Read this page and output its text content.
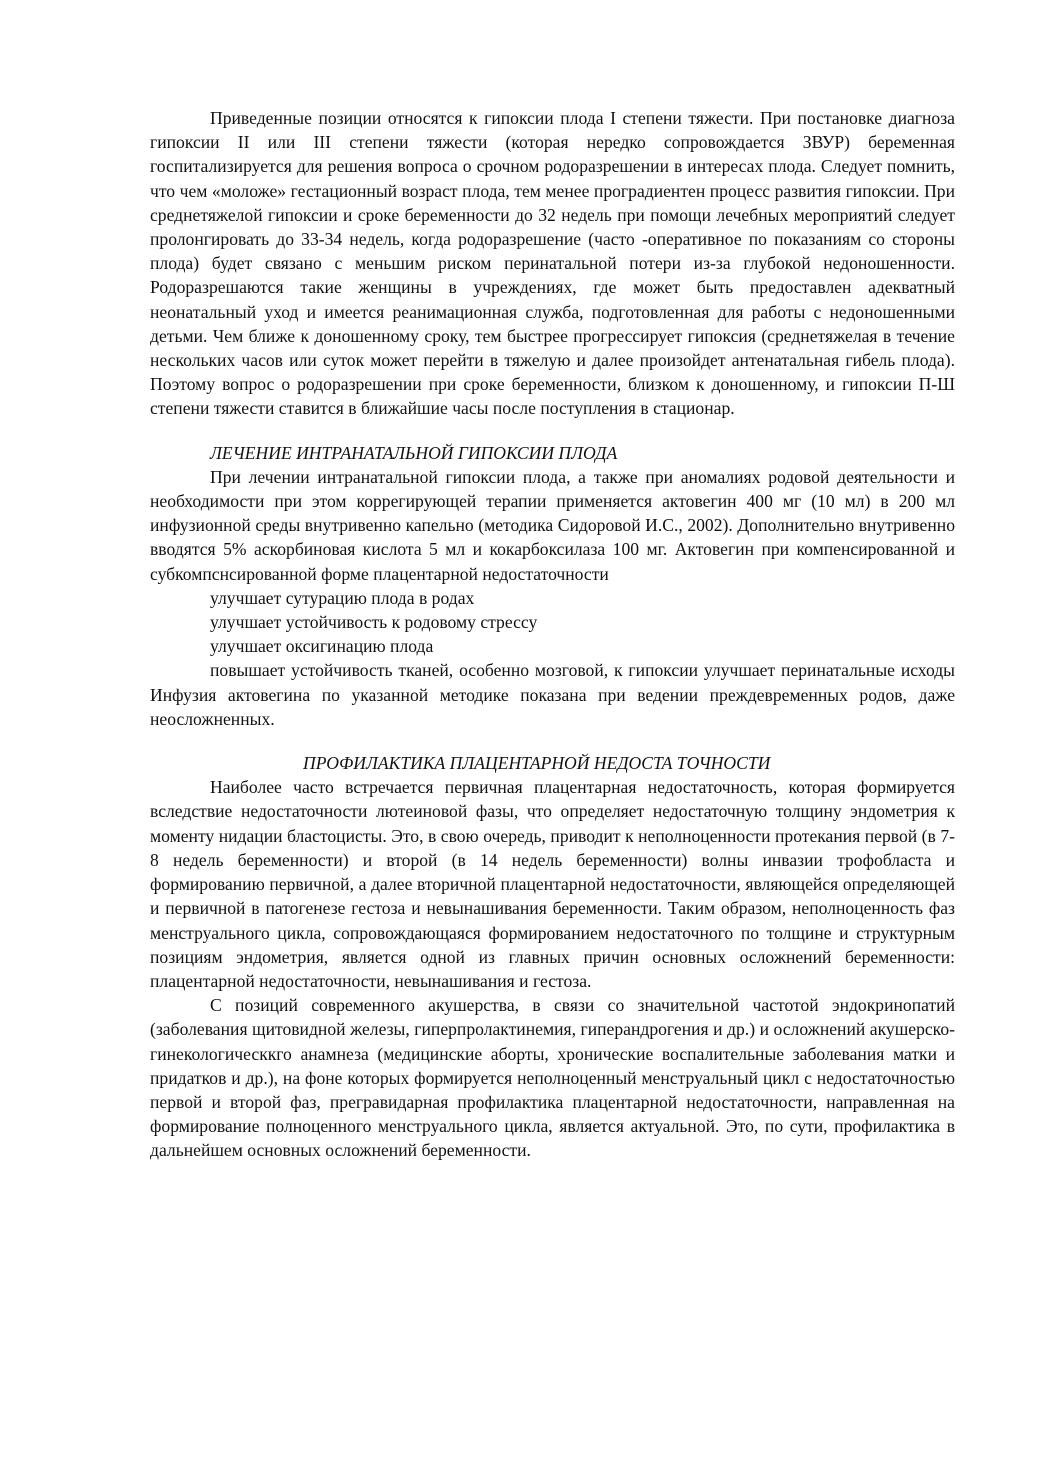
Приведенные позиции относятся к гипоксии плода I степени тяжести. При постановке диагноза гипоксии II или III степени тяжести (которая нередко сопровождается ЗВУР) беременная госпитализируется для решения вопроса о срочном родоразрешении в интересах плода. Следует помнить, что чем «моложе» гестационный возраст плода, тем менее проградиентен процесс развития гипоксии. При среднетяжелой гипоксии и сроке беременности до 32 недель при помощи лечебных мероприятий следует пролонгировать до 33-34 недель, когда родоразрешение (часто -оперативное по показаниям со стороны плода) будет связано с меньшим риском перинатальной потери из-за глубокой недоношенности. Родоразрешаются такие женщины в учреждениях, где может быть предоставлен адекватный неонатальный уход и имеется реанимационная служба, подготовленная для работы с недоношенными детьми. Чем ближе к доношенному сроку, тем быстрее прогрессирует гипоксия (среднетяжелая в течение нескольких часов или суток может перейти в тяжелую и далее произойдет антенатальная гибель плода). Поэтому вопрос о родоразрешении при сроке беременности, близком к доношенному, и гипоксии П-Ш степени тяжести ставится в ближайшие часы после поступления в стационар.

ЛЕЧЕНИЕ ИНТРАНАТАЛЬНОЙ ГИПОКСИИ ПЛОДА

При лечении интранатальной гипоксии плода, а также при аномалиях родовой деятельности и необходимости при этом коррегирующей терапии применяется актовегин 400 мг (10 мл) в 200 мл инфузионной среды внутривенно капельно (методика Сидоровой И.С., 2002). Дополнительно внутривенно вводятся 5% аскорбиновая кислота 5 мл и кокарбоксилаза 100 мг. Актовегин при компенсированной и субкомпснсированной форме плацентарной недостаточности

улучшает сутурацию плода в родах

улучшает устойчивость к родовому стрессу

улучшает оксигинацию плода

повышает устойчивость тканей, особенно мозговой, к гипоксии улучшает перинатальные исходы Инфузия актовегина по указанной методике показана при ведении преждевременных родов, даже неосложненных.

ПРОФИЛАКТИКА ПЛАЦЕНТАРНОЙ НЕДОСТА ТОЧНОСТИ

Наиболее часто встречается первичная плацентарная недостаточность, которая формируется вследствие недостаточности лютеиновой фазы, что определяет недостаточную толщину эндометрия к моменту нидации бластоцисты. Это, в свою очередь, приводит к неполноценности протекания первой (в 7-8 недель беременности) и второй (в 14 недель беременности) волны инвазии трофобласта и формированию первичной, а далее вторичной плацентарной недостаточности, являющейся определяющей и первичной в патогенезе гестоза и невынашивания беременности. Таким образом, неполноценность фаз менструального цикла, сопровождающаяся формированием недостаточного по толщине и структурным позициям эндометрия, является одной из главных причин основных осложнений беременности: плацентарной недостаточности, невынашивания и гестоза.

С позиций современного акушерства, в связи со значительной частотой эндокринопатий (заболевания щитовидной железы, гиперпролактинемия, гиперандрогения и др.) и осложнений акушерско-гинекологическкго анамнеза (медицинские аборты, хронические воспалительные заболевания матки и придатков и др.), на фоне которых формируется неполноценный менструальный цикл с недостаточностью первой и второй фаз, прегравидарная профилактика плацентарной недостаточности, направленная на формирование полноценного менструального цикла, является актуальной. Это, по сути, профилактика в дальнейшем основных осложнений беременности.
